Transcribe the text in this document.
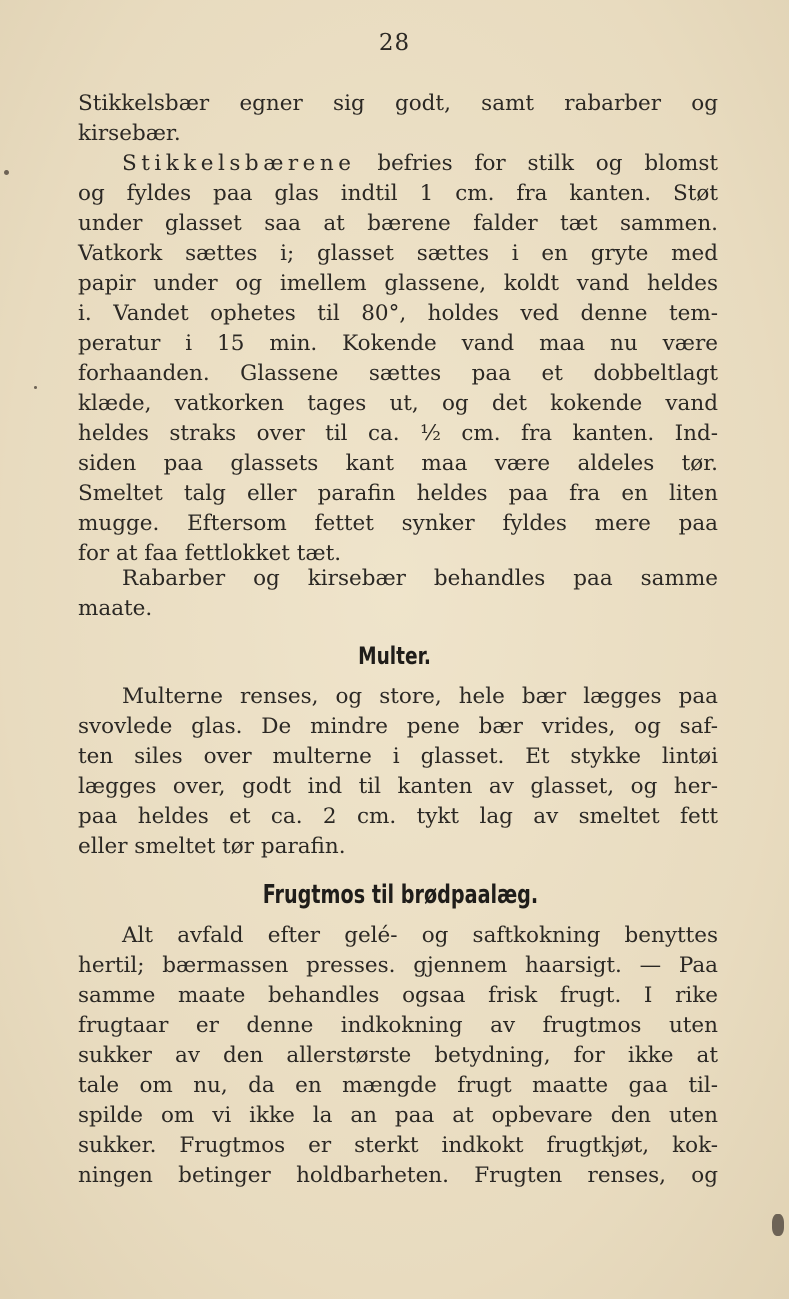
28
Stikkelsbær egner sig godt, samt rabarber og
kirsebær.
Stikkelsbærene befries for stilk og blomst
og fyldes paa glas indtil 1 cm. fra kanten. Støt
under glasset saa at bærene falder tæt sammen.
Vatkork sættes i; glasset sættes i en gryte med
papir under og imellem glassene, koldt vand heldes
i. Vandet ophetes til 80°, holdes ved denne tem-
peratur i 15 min. Kokende vand maa nu være
forhaanden. Glassene sættes paa et dobbeltlagt
klæde, vatkorken tages ut, og det kokende vand
heldes straks over til ca. ½ cm. fra kanten. Ind-
siden paa glassets kant maa være aldeles tør.
Smeltet talg eller parafin heldes paa fra en liten
mugge. Eftersom fettet synker fyldes mere paa
for at faa fettlokket tæt.
Rabarber og kirsebær behandles paa samme
maate.
Multer.
Multerne renses, og store, hele bær lægges paa
svovlede glas. De mindre pene bær vrides, og saf-
ten siles over multerne i glasset. Et stykke lintøi
lægges over, godt ind til kanten av glasset, og her-
paa heldes et ca. 2 cm. tykt lag av smeltet fett
eller smeltet tør parafin.
Frugtmos til brødpaalæg.
Alt avfald efter gelé- og saftkokning benyttes
hertil; bærmassen presses. gjennem haarsigt. — Paa
samme maate behandles ogsaa frisk frugt. I rike
frugtaar er denne indkokning av frugtmos uten
sukker av den allerstørste betydning, for ikke at
tale om nu, da en mængde frugt maatte gaa til-
spilde om vi ikke la an paa at opbevare den uten
sukker. Frugtmos er sterkt indkokt frugtkjøt, kok-
ningen betinger holdbarheten. Frugten renses, og
